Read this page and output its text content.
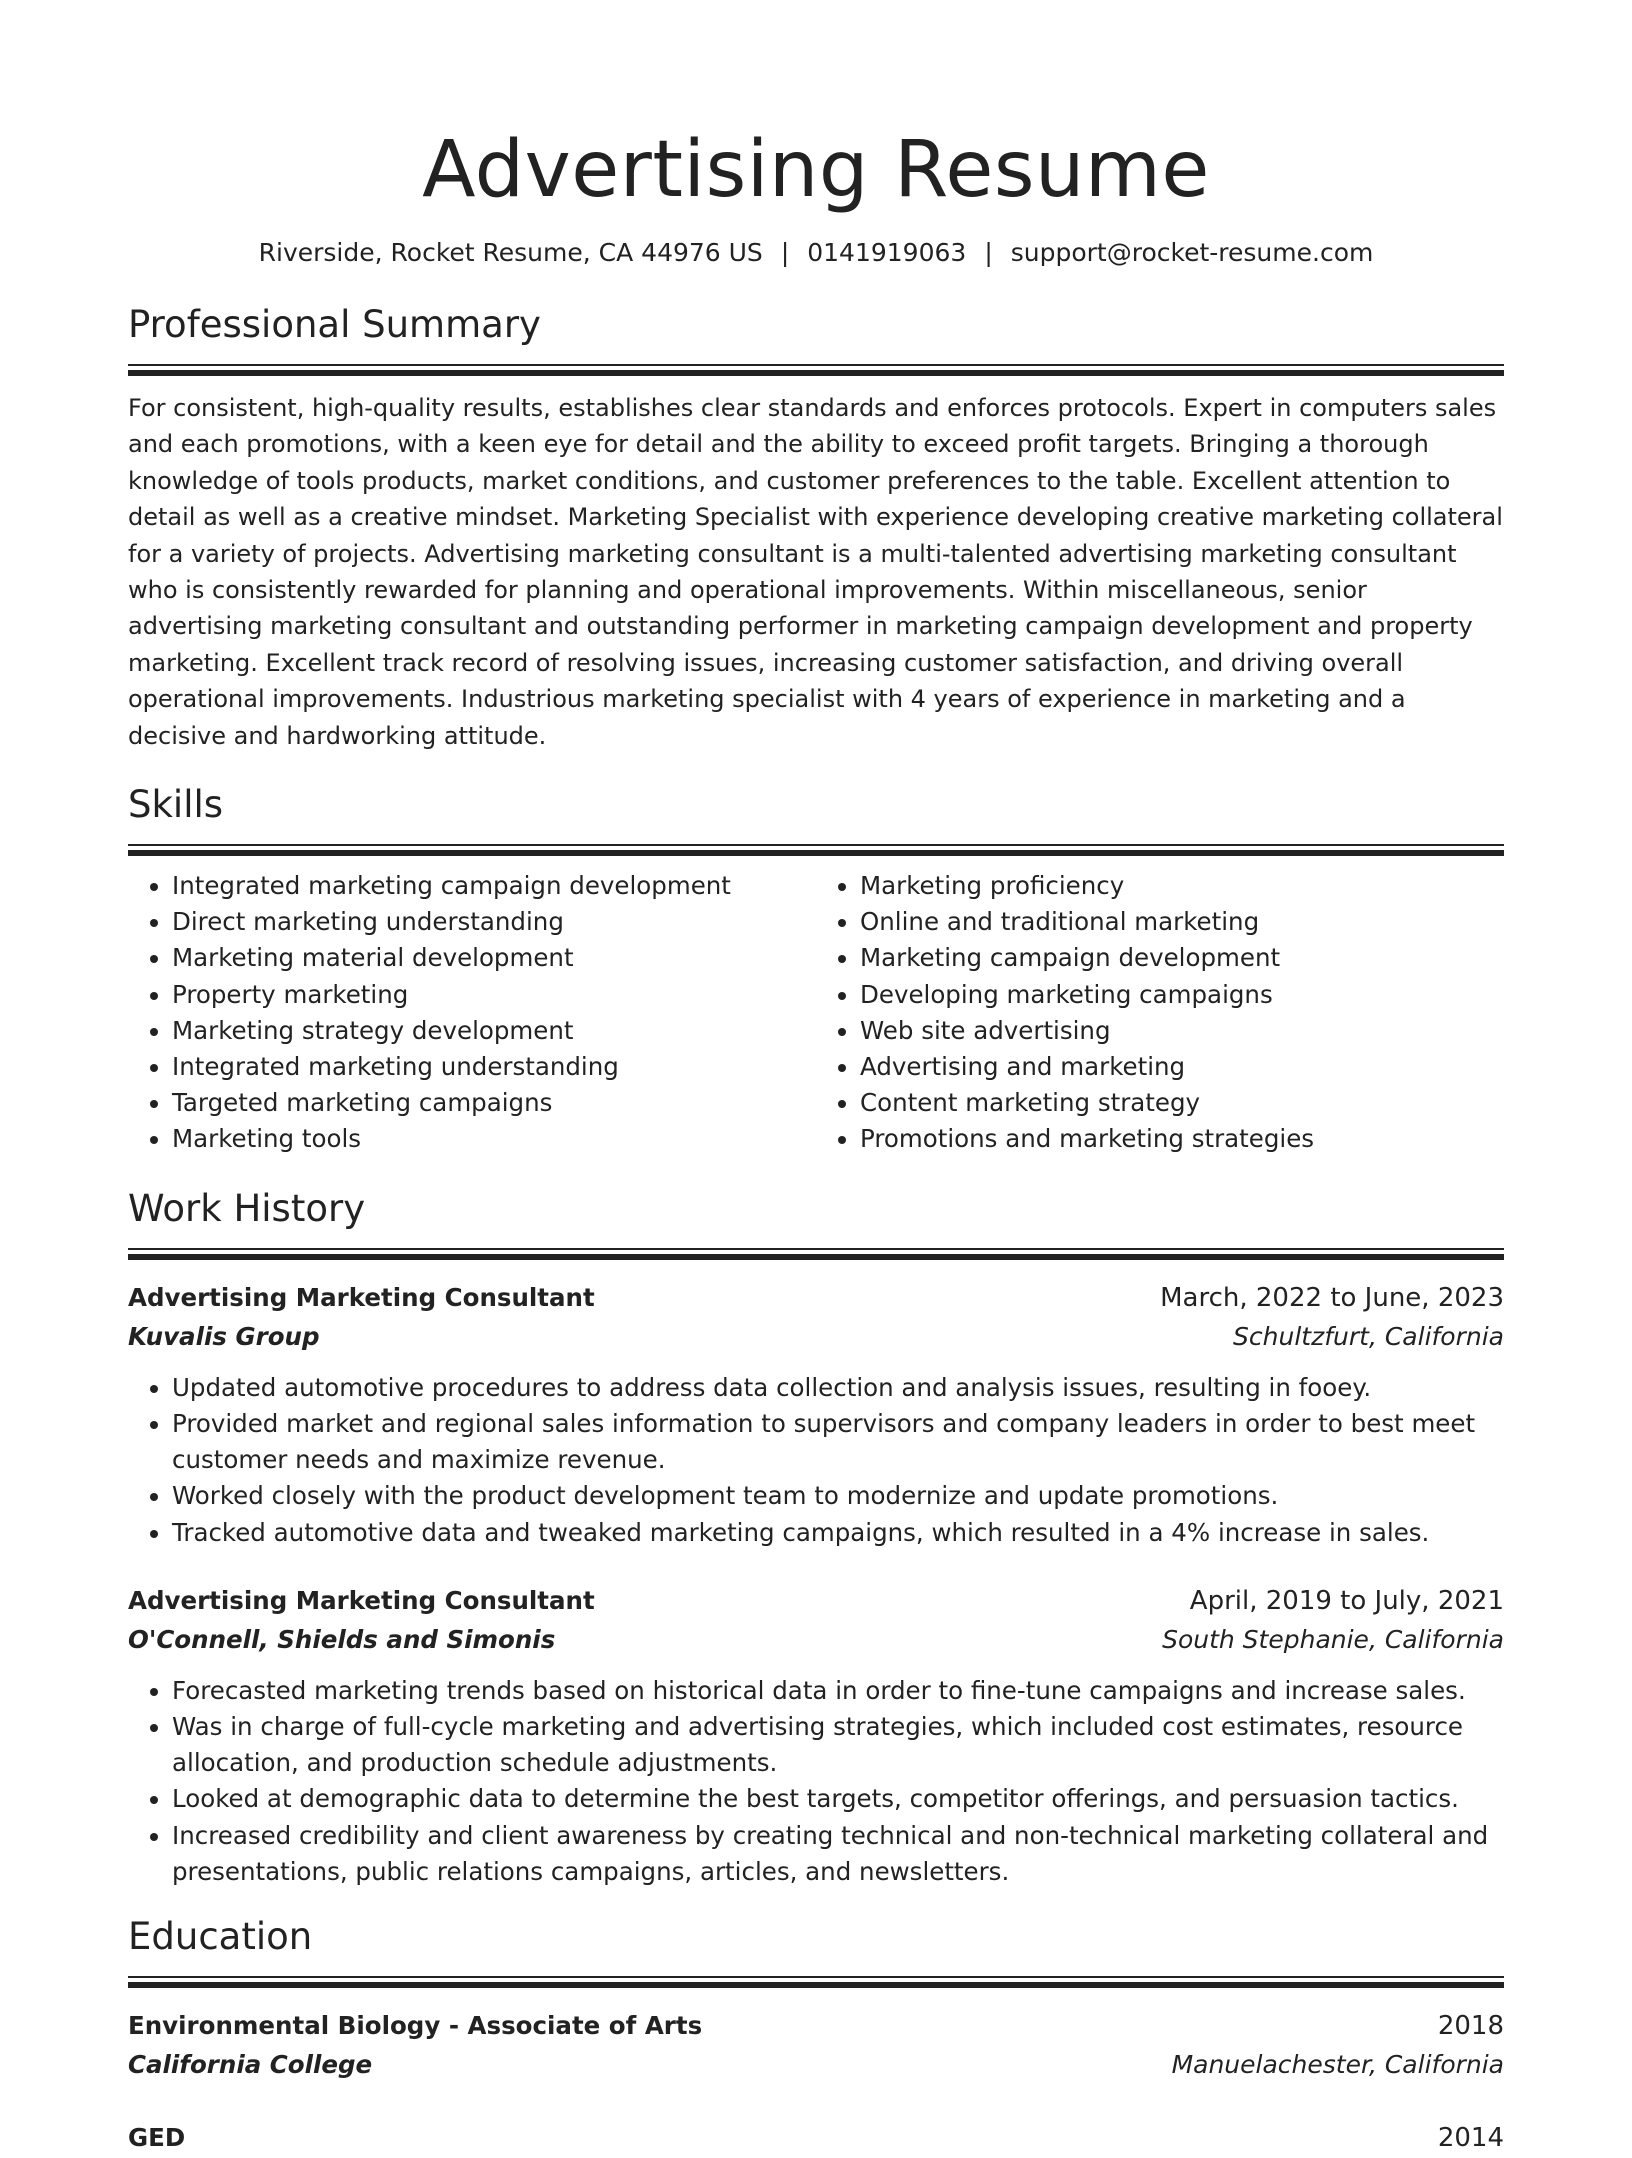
Advertising Resume
Riverside, Rocket Resume, CA 44976 US | 0141919063 | support@rocket-resume.com
Professional Summary
For consistent, high-quality results, establishes clear standards and enforces protocols. Expert in computers sales and each promotions, with a keen eye for detail and the ability to exceed profit targets. Bringing a thorough knowledge of tools products, market conditions, and customer preferences to the table. Excellent attention to detail as well as a creative mindset. Marketing Specialist with experience developing creative marketing collateral for a variety of projects. Advertising marketing consultant is a multi-talented advertising marketing consultant who is consistently rewarded for planning and operational improvements. Within miscellaneous, senior advertising marketing consultant and outstanding performer in marketing campaign development and property marketing. Excellent track record of resolving issues, increasing customer satisfaction, and driving overall operational improvements. Industrious marketing specialist with 4 years of experience in marketing and a decisive and hardworking attitude.
Skills
• Integrated marketing campaign development
• Direct marketing understanding
• Marketing material development
• Property marketing
• Marketing strategy development
• Integrated marketing understanding
• Targeted marketing campaigns
• Marketing tools
• Marketing proficiency
• Online and traditional marketing
• Marketing campaign development
• Developing marketing campaigns
• Web site advertising
• Advertising and marketing
• Content marketing strategy
• Promotions and marketing strategies
Work History
Advertising Marketing Consultant	March, 2022 to June, 2023
Kuvalis Group	Schultzfurt, California
• Updated automotive procedures to address data collection and analysis issues, resulting in fooey.
• Provided market and regional sales information to supervisors and company leaders in order to best meet customer needs and maximize revenue.
• Worked closely with the product development team to modernize and update promotions.
• Tracked automotive data and tweaked marketing campaigns, which resulted in a 4% increase in sales.
Advertising Marketing Consultant	April, 2019 to July, 2021
O'Connell, Shields and Simonis	South Stephanie, California
• Forecasted marketing trends based on historical data in order to fine-tune campaigns and increase sales.
• Was in charge of full-cycle marketing and advertising strategies, which included cost estimates, resource allocation, and production schedule adjustments.
• Looked at demographic data to determine the best targets, competitor offerings, and persuasion tactics.
• Increased credibility and client awareness by creating technical and non-technical marketing collateral and presentations, public relations campaigns, articles, and newsletters.
Education
Environmental Biology - Associate of Arts	2018
California College	Manuelachester, California
GED	2014
